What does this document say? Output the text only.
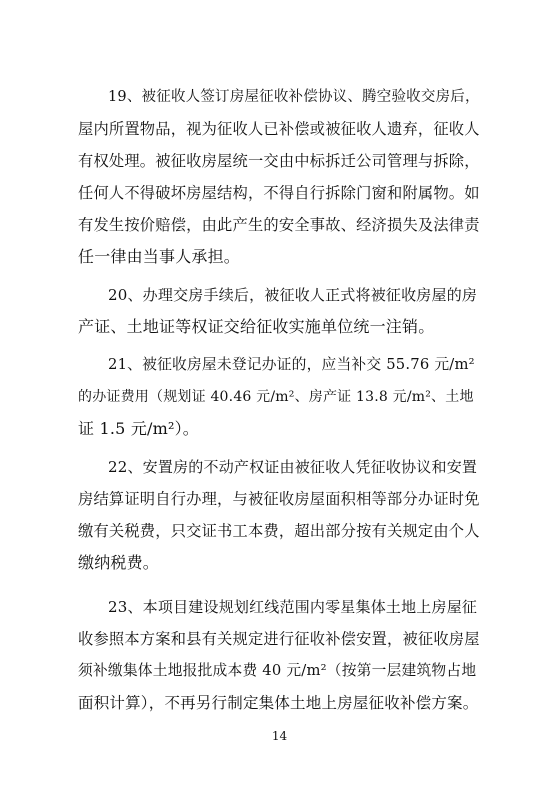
19、被征收人签订房屋征收补偿协议、腾空验收交房后，
屋内所置物品，视为征收人已补偿或被征收人遗弃，征收人
有权处理。被征收房屋统一交由中标拆迁公司管理与拆除，
任何人不得破坏房屋结构，不得自行拆除门窗和附属物。如
有发生按价赔偿，由此产生的安全事故、经济损失及法律责
任一律由当事人承担。
20、办理交房手续后，被征收人正式将被征收房屋的房
产证、土地证等权证交给征收实施单位统一注销。
21、被征收房屋未登记办证的，应当补交 55.76 元/m²
的办证费用（规划证 40.46 元/m²、房产证 13.8 元/m²、土地
证 1.5 元/m²）。
22、安置房的不动产权证由被征收人凭征收协议和安置
房结算证明自行办理，与被征收房屋面积相等部分办证时免
缴有关税费，只交证书工本费，超出部分按有关规定由个人
缴纳税费。
23、本项目建设规划红线范围内零星集体土地上房屋征
收参照本方案和县有关规定进行征收补偿安置，被征收房屋
须补缴集体土地报批成本费 40 元/m²（按第一层建筑物占地
面积计算），不再另行制定集体土地上房屋征收补偿方案。
14
